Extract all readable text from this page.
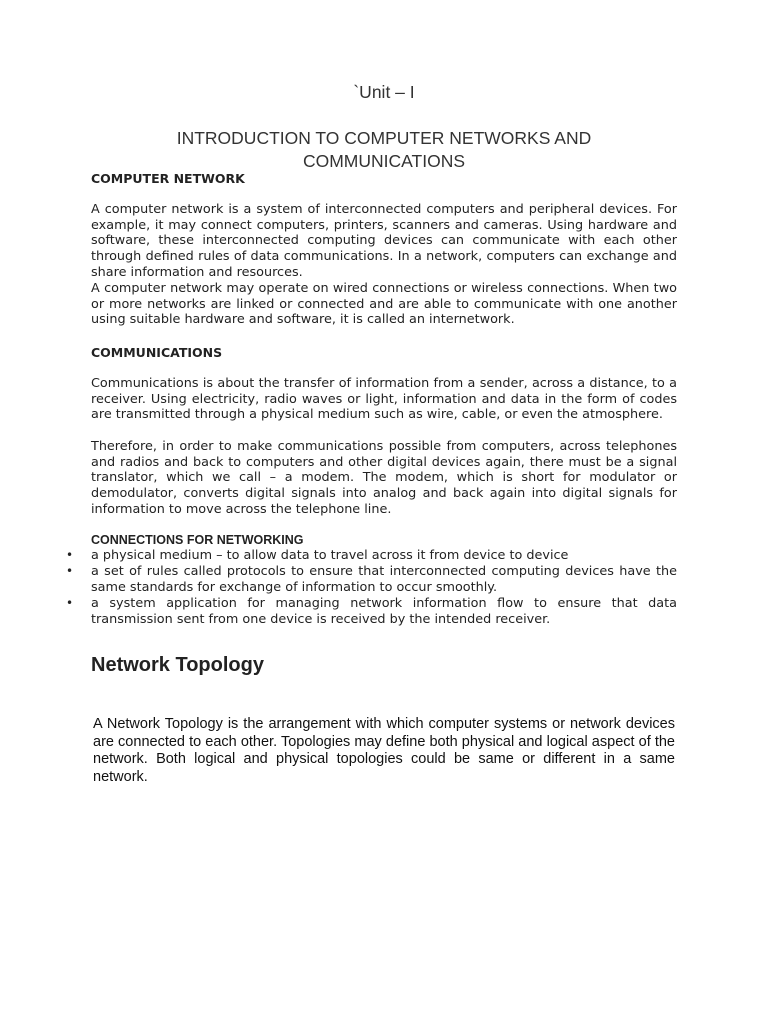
`Unit – I
INTRODUCTION TO COMPUTER NETWORKS AND COMMUNICATIONS
COMPUTER NETWORK

A computer network is a system of interconnected computers and peripheral devices. For example, it may connect computers, printers, scanners and cameras. Using hardware and software, these interconnected computing devices can communicate with each other through defined rules of data communications. In a network, computers can exchange and share information and resources.

A computer network may operate on wired connections or wireless connections. When two or more networks are linked or connected and are able to communicate with one another using suitable hardware and software, it is called an internetwork.

COMMUNICATIONS

Communications is about the transfer of information from a sender, across a distance, to a receiver. Using electricity, radio waves or light, information and data in the form of codes are transmitted through a physical medium such as wire, cable, or even the atmosphere.

Therefore, in order to make communications possible from computers, across telephones and radios and back to computers and other digital devices again, there must be a signal translator, which we call – a modem. The modem, which is short for modulator or demodulator, converts digital signals into analog and back again into digital signals for information to move across the telephone line.

CONNECTIONS FOR NETWORKING
• a physical medium – to allow data to travel across it from device to device
• a set of rules called protocols to ensure that interconnected computing devices have the same standards for exchange of information to occur smoothly.
• a system application for managing network information flow to ensure that data transmission sent from one device is received by the intended receiver.
Network Topology

A Network Topology is the arrangement with which computer systems or network devices are connected to each other. Topologies may define both physical and logical aspect of the network. Both logical and physical topologies could be same or different in a same network.
